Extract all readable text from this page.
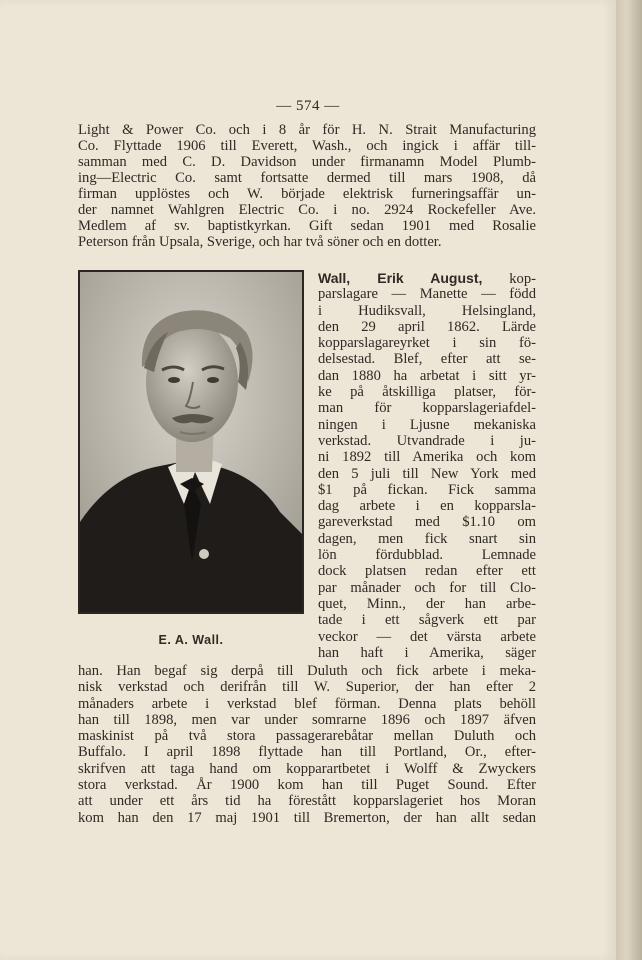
— 574 —
Light & Power Co. och i 8 år för H. N. Strait Manufacturing
Co. Flyttade 1906 till Everett, Wash., och ingick i affär till-
samman med C. D. Davidson under firmanamn Model Plumb-
ing—Electric Co. samt fortsatte dermed till mars 1908, då
firman upplöstes och W. började elektrisk furneringsaffär un-
der namnet Wahlgren Electric Co. i no. 2924 Rockefeller Ave.
Medlem af sv. baptistkyrkan. Gift sedan 1901 med Rosalie
Peterson från Upsala, Sverige, och har två söner och en dotter.
E. A. Wall.
Wall, Erik August, kop-
parslagare — Manette — född
i Hudiksvall, Helsingland,
den 29 april 1862. Lärde
kopparslagareyrket i sin fö-
delsestad. Blef, efter att se-
dan 1880 ha arbetat i sitt yr-
ke på åtskilliga platser, för-
man för kopparslageriafdel-
ningen i Ljusne mekaniska
verkstad. Utvandrade i ju-
ni 1892 till Amerika och kom
den 5 juli till New York med
$1 på fickan. Fick samma
dag arbete i en kopparsla-
gareverkstad med $1.10 om
dagen, men fick snart sin
lön fördubblad. Lemnade
dock platsen redan efter ett
par månader och for till Clo-
quet, Minn., der han arbe-
tade i ett sågverk ett par
veckor — det värsta arbete
han haft i Amerika, säger
han. Han begaf sig derpå till Duluth och fick arbete i meka-
nisk verkstad och derifrån till W. Superior, der han efter 2
månaders arbete i verkstad blef förman. Denna plats behöll
han till 1898, men var under somrarne 1896 och 1897 äfven
maskinist på två stora passagerarebåtar mellan Duluth och
Buffalo. I april 1898 flyttade han till Portland, Or., efter-
skrifven att taga hand om kopparartbetet i Wolff & Zwyckers
stora verkstad. År 1900 kom han till Puget Sound. Efter
att under ett års tid ha förestått kopparslageriet hos Moran
kom han den 17 maj 1901 till Bremerton, der han allt sedan
